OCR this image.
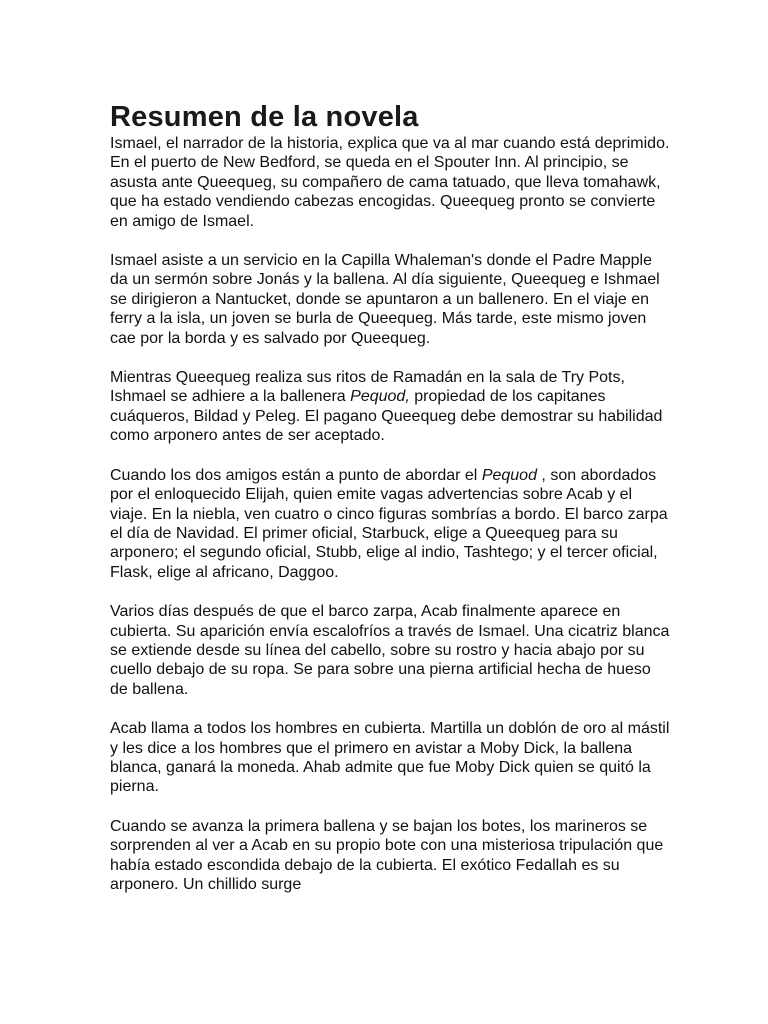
Resumen de la novela

Ismael, el narrador de la historia, explica que va al mar cuando está deprimido. En el puerto de New Bedford, se queda en el Spouter Inn. Al principio, se asusta ante Queequeg, su compañero de cama tatuado, que lleva tomahawk, que ha estado vendiendo cabezas encogidas. Queequeg pronto se convierte en amigo de Ismael.

Ismael asiste a un servicio en la Capilla Whaleman's donde el Padre Mapple da un sermón sobre Jonás y la ballena. Al día siguiente, Queequeg e Ishmael se dirigieron a Nantucket, donde se apuntaron a un ballenero. En el viaje en ferry a la isla, un joven se burla de Queequeg. Más tarde, este mismo joven cae por la borda y es salvado por Queequeg.

Mientras Queequeg realiza sus ritos de Ramadán en la sala de Try Pots, Ishmael se adhiere a la ballenera Pequod, propiedad de los capitanes cuáqueros, Bildad y Peleg. El pagano Queequeg debe demostrar su habilidad como arponero antes de ser aceptado.

Cuando los dos amigos están a punto de abordar el Pequod , son abordados por el enloquecido Elijah, quien emite vagas advertencias sobre Acab y el viaje. En la niebla, ven cuatro o cinco figuras sombrías a bordo. El barco zarpa el día de Navidad. El primer oficial, Starbuck, elige a Queequeg para su arponero; el segundo oficial, Stubb, elige al indio, Tashtego; y el tercer oficial, Flask, elige al africano, Daggoo.

Varios días después de que el barco zarpa, Acab finalmente aparece en cubierta. Su aparición envía escalofríos a través de Ismael. Una cicatriz blanca se extiende desde su línea del cabello, sobre su rostro y hacia abajo por su cuello debajo de su ropa. Se para sobre una pierna artificial hecha de hueso de ballena.

Acab llama a todos los hombres en cubierta. Martilla un doblón de oro al mástil y les dice a los hombres que el primero en avistar a Moby Dick, la ballena blanca, ganará la moneda. Ahab admite que fue Moby Dick quien se quitó la pierna.

Cuando se avanza la primera ballena y se bajan los botes, los marineros se sorprenden al ver a Acab en su propio bote con una misteriosa tripulación que había estado escondida debajo de la cubierta. El exótico Fedallah es su arponero. Un chillido surge
